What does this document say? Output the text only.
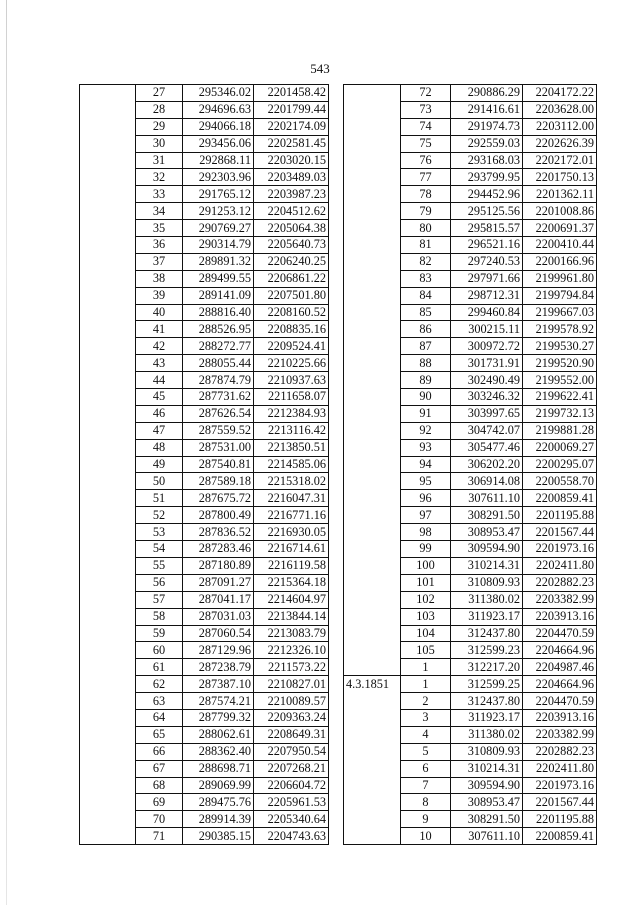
543
	27	295346.02	2201458.42
	28	294696.63	2201799.44
	29	294066.18	2202174.09
	30	293456.06	2202581.45
	31	292868.11	2203020.15
	32	292303.96	2203489.03
	33	291765.12	2203987.23
	34	291253.12	2204512.62
	35	290769.27	2205064.38
	36	290314.79	2205640.73
	37	289891.32	2206240.25
	38	289499.55	2206861.22
	39	289141.09	2207501.80
	40	288816.40	2208160.52
	41	288526.95	2208835.16
	42	288272.77	2209524.41
	43	288055.44	2210225.66
	44	287874.79	2210937.63
	45	287731.62	2211658.07
	46	287626.54	2212384.93
	47	287559.52	2213116.42
	48	287531.00	2213850.51
	49	287540.81	2214585.06
	50	287589.18	2215318.02
	51	287675.72	2216047.31
	52	287800.49	2216771.16
	53	287836.52	2216930.05
	54	287283.46	2216714.61
	55	287180.89	2216119.58
	56	287091.27	2215364.18
	57	287041.17	2214604.97
	58	287031.03	2213844.14
	59	287060.54	2213083.79
	60	287129.96	2212326.10
	61	287238.79	2211573.22
	62	287387.10	2210827.01
	63	287574.21	2210089.57
	64	287799.32	2209363.24
	65	288062.61	2208649.31
	66	288362.40	2207950.54
	67	288698.71	2207268.21
	68	289069.99	2206604.72
	69	289475.76	2205961.53
	70	289914.39	2205340.64
	71	290385.15	2204743.63
	72	290886.29	2204172.22
	73	291416.61	2203628.00
	74	291974.73	2203112.00
	75	292559.03	2202626.39
	76	293168.03	2202172.01
	77	293799.95	2201750.13
	78	294452.96	2201362.11
	79	295125.56	2201008.86
	80	295815.57	2200691.37
	81	296521.16	2200410.44
	82	297240.53	2200166.96
	83	297971.66	2199961.80
	84	298712.31	2199794.84
	85	299460.84	2199667.03
	86	300215.11	2199578.92
	87	300972.72	2199530.27
	88	301731.91	2199520.90
	89	302490.49	2199552.00
	90	303246.32	2199622.41
	91	303997.65	2199732.13
	92	304742.07	2199881.28
	93	305477.46	2200069.27
	94	306202.20	2200295.07
	95	306914.08	2200558.70
	96	307611.10	2200859.41
	97	308291.50	2201195.88
	98	308953.47	2201567.44
	99	309594.90	2201973.16
	100	310214.31	2202411.80
	101	310809.93	2202882.23
	102	311380.02	2203382.99
	103	311923.17	2203913.16
	104	312437.80	2204470.59
	105	312599.23	2204664.96
	1	312217.20	2204987.46
4.3.1851	1	312599.25	2204664.96
	2	312437.80	2204470.59
	3	311923.17	2203913.16
	4	311380.02	2203382.99
	5	310809.93	2202882.23
	6	310214.31	2202411.80
	7	309594.90	2201973.16
	8	308953.47	2201567.44
	9	308291.50	2201195.88
	10	307611.10	2200859.41
